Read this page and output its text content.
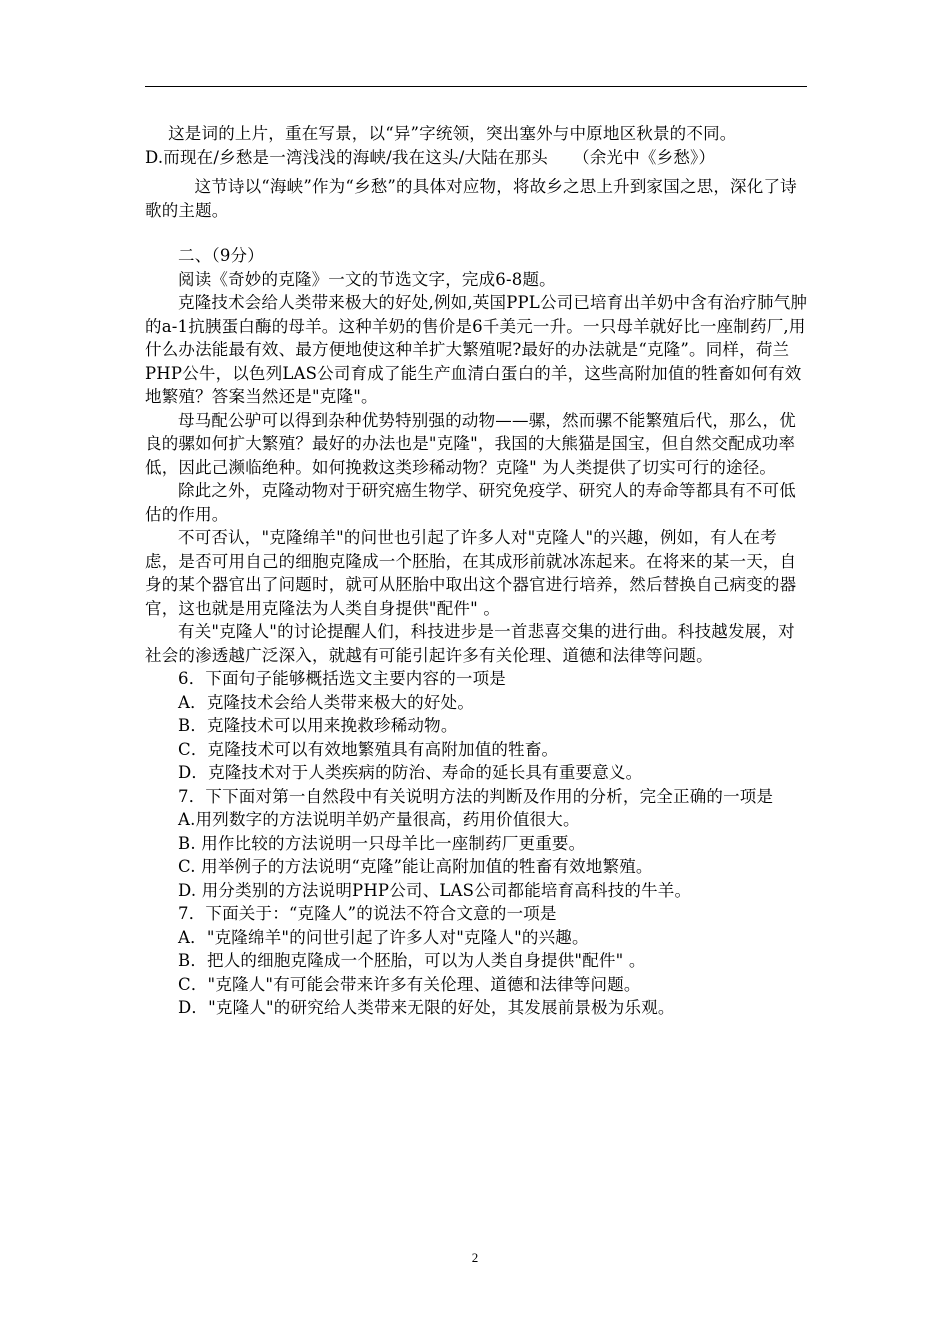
这是词的上片，重在写景，以“异”字统领，突出塞外与中原地区秋景的不同。

D.而现在/乡愁是一湾浅浅的海峡/我在这头/大陆在那头　　（余光中《乡愁》）

这节诗以“海峡”作为“乡愁”的具体对应物，将故乡之思上升到家国之思，深化了诗歌的主题。

二、（9分）

阅读《奇妙的克隆》一文的节选文字，完成6-8题。

克隆技术会给人类带来极大的好处,例如,英国PPL公司已培育出羊奶中含有治疗肺气肿的a-1抗胰蛋白酶的母羊。这种羊奶的售价是6千美元一升。一只母羊就好比一座制药厂,用什么办法能最有效、最方便地使这种羊扩大繁殖呢?最好的办法就是“克隆”。同样，荷兰PHP公牛，以色列LAS公司育成了能生产血清白蛋白的羊，这些高附加值的牲畜如何有效地繁殖？答案当然还是"克隆"。

母马配公驴可以得到杂种优势特别强的动物——骡，然而骡不能繁殖后代，那么，优良的骡如何扩大繁殖？最好的办法也是"克隆"，我国的大熊猫是国宝，但自然交配成功率低，因此己濒临绝种。如何挽救这类珍稀动物？克隆" 为人类提供了切实可行的途径。

除此之外，克隆动物对于研究癌生物学、研究免疫学、研究人的寿命等都具有不可低估的作用。

不可否认，"克隆绵羊"的问世也引起了许多人对"克隆人"的兴趣，例如，有人在考虑，是否可用自己的细胞克隆成一个胚胎，在其成形前就冰冻起来。在将来的某一天，自身的某个器官出了问题时，就可从胚胎中取出这个器官进行培养，然后替换自己病变的器官，这也就是用克隆法为人类自身提供"配件" 。

有关"克隆人"的讨论提醒人们，科技进步是一首悲喜交集的进行曲。科技越发展，对社会的渗透越广泛深入，就越有可能引起许多有关伦理、道德和法律等问题。

6．下面句子能够概括选文主要内容的一项是

A．克隆技术会给人类带来极大的好处。

B．克隆技术可以用来挽救珍稀动物。

C．克隆技术可以有效地繁殖具有高附加值的牲畜。

D．克隆技术对于人类疾病的防治、寿命的延长具有重要意义。

7．下下面对第一自然段中有关说明方法的判断及作用的分析，完全正确的一项是

A.用列数字的方法说明羊奶产量很高，药用价值很大。

B. 用作比较的方法说明一只母羊比一座制药厂更重要。

C. 用举例子的方法说明“克隆”能让高附加值的牲畜有效地繁殖。

D. 用分类别的方法说明PHP公司、LAS公司都能培育高科技的牛羊。

7．下面关于：“克隆人”的说法不符合文意的一项是

A．"克隆绵羊"的问世引起了许多人对"克隆人"的兴趣。

B．把人的细胞克隆成一个胚胎，可以为人类自身提供"配件" 。

C．"克隆人"有可能会带来许多有关伦理、道德和法律等问题。

D．"克隆人"的研究给人类带来无限的好处，其发展前景极为乐观。

2
